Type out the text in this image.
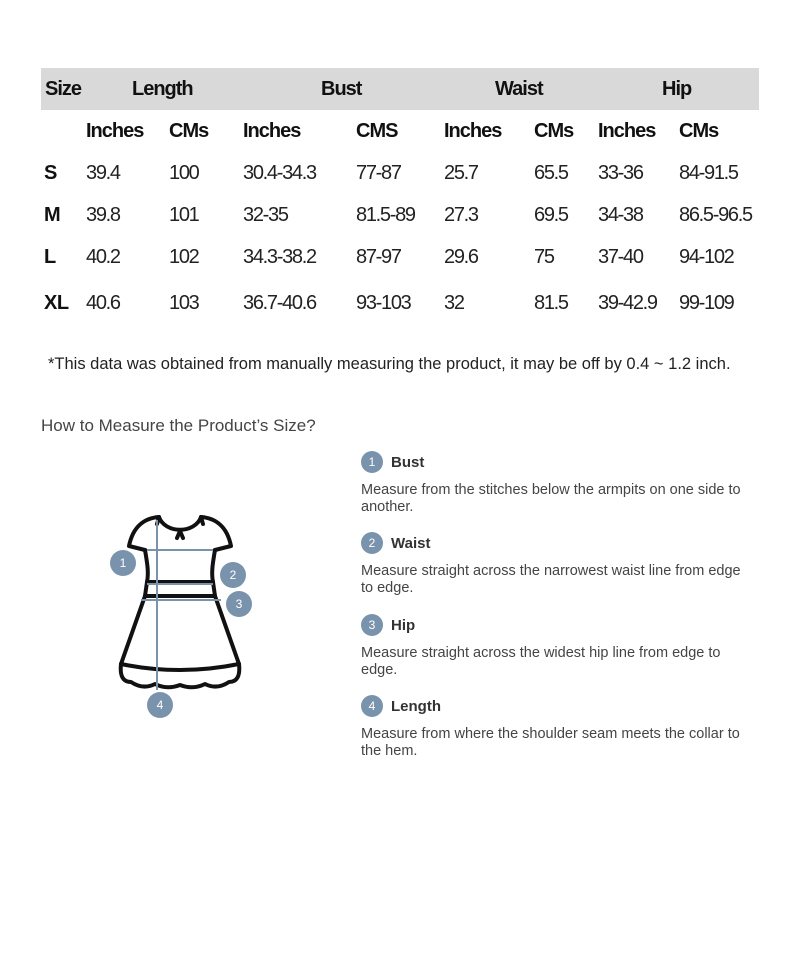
Size	Length	Bust	Waist	Hip
Inches CMs Inches	CMS Inches CMs Inches CMs
S 39.4 100 30.4-34.3 77-87 25.7	65.5 33-36 84-91.5
M 39.8 101 32-35	81.5-89 27.3	69.5 34-38 86.5-96.5
L 40.2 102 34.3-38.2 87-97 29.6	75 37-40 94-102
XL 40.6 103 36.7-40.6 93-103 32	81.5 39-42.9 99-109
*This data was obtained from manually measuring the product, it may be off by 0.4 ~ 1.2 inch.
How to Measure the Product’s Size?
1
2
3
4
1	Bust
Measure from the stitches below the armpits on one side to another.
2	Waist
Measure straight across the narrowest waist line from edge to edge.
3	Hip
Measure straight across the widest hip line from edge to edge.
4	Length
Measure from where the shoulder seam meets the collar to the hem.
